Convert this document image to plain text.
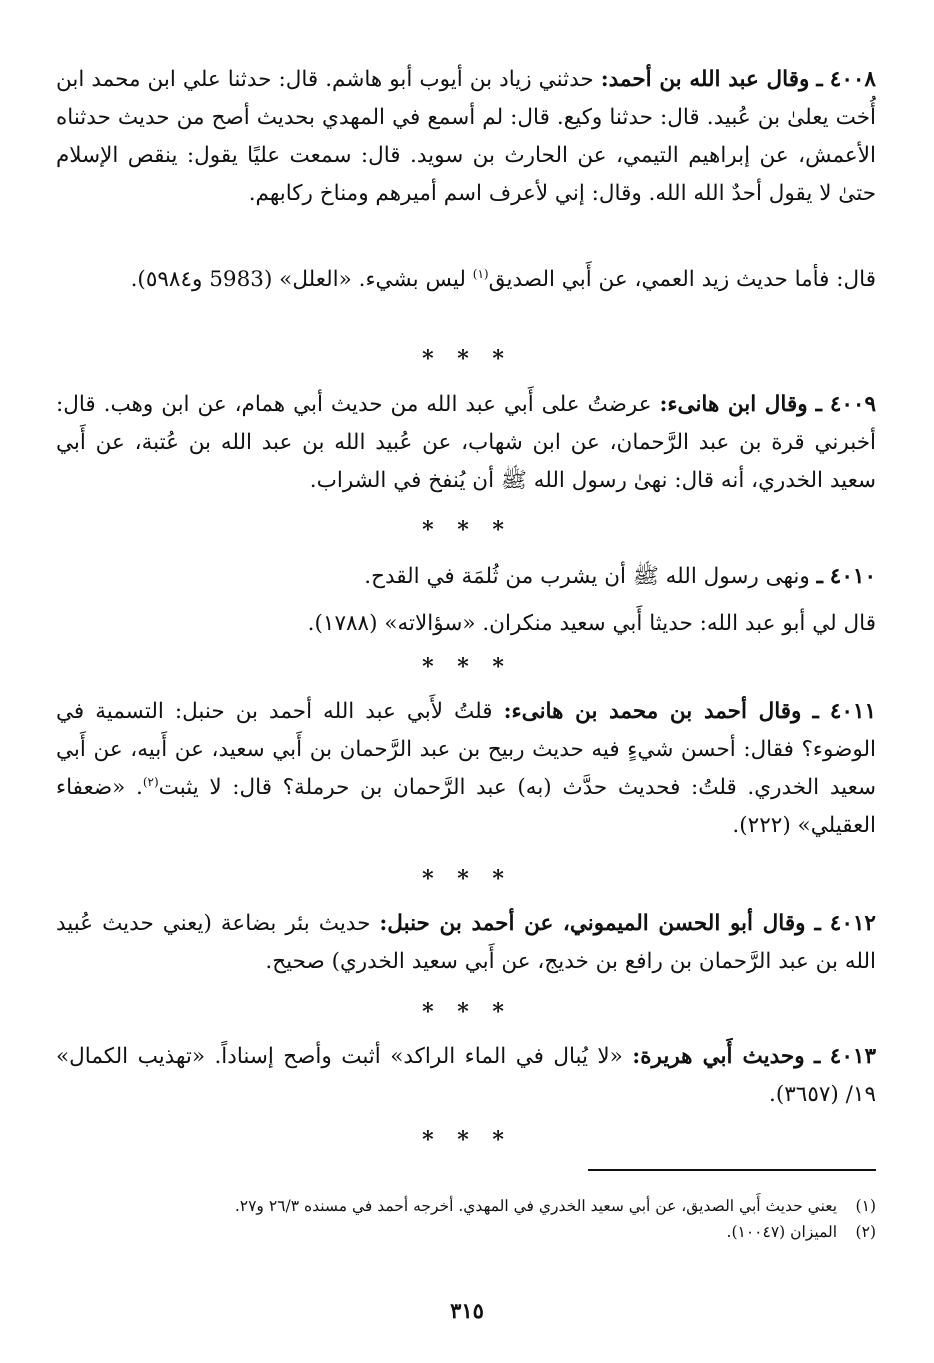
٤٠٠٨ ـ وقال عبد الله بن أحمد: حدثني زياد بن أيوب أبو هاشم. قال: حدثنا علي ابن محمد ابن أُخت يعلىٰ بن عُبيد. قال: حدثنا وكيع. قال: لم أسمع في المهدي بحديث أصح من حديث حدثناه الأعمش، عن إبراهيم التيمي، عن الحارث بن سويد. قال: سمعت عليًا يقول: ينقص الإسلام حتىٰ لا يقول أحدٌ الله الله. وقال: إني لأعرف اسم أميرهم ومناخ ركابهم.

قال: فأما حديث زيد العمي، عن أَبي الصديق$^{(١)}$ ليس بشيء. «العلل» (5983 و٥٩٨٤).

* * *

٤٠٠٩ ـ وقال ابن هانىء: عرضتُ على أَبي عبد الله من حديث أبي همام، عن ابن وهب. قال: أخبرني قرة بن عبد الرَّحمان، عن ابن شهاب، عن عُبيد الله بن عبد الله بن عُتبة، عن أَبي سعيد الخدري، أنه قال: نهىٰ رسول الله ﷺ أن يُنفخ في الشراب.

* * *

٤٠١٠ ـ ونهى رسول الله ﷺ أن يشرب من ثُلمَة في القدح.

قال لي أبو عبد الله: حديثا أَبي سعيد منكران. «سؤالاته» (١٧٨٨).

* * *

٤٠١١ ـ وقال أحمد بن محمد بن هانىء: قلتُ لأَبي عبد الله أحمد بن حنبل: التسمية في الوضوء؟ فقال: أحسن شيءٍ فيه حديث ربيح بن عبد الرَّحمان بن أَبي سعيد، عن أَبيه، عن أَبي سعيد الخدري. قلتُ: فحديث حدَّث (به) عبد الرَّحمان بن حرملة؟ قال: لا يثبت$^{(٢)}$. «ضعفاء العقيلي» (٢٢٢).

* * *

٤٠١٢ ـ وقال أبو الحسن الميموني، عن أحمد بن حنبل: حديث بئر بضاعة (يعني حديث عُبيد الله بن عبد الرَّحمان بن رافع بن خديج، عن أَبي سعيد الخدري) صحيح.

* * *

٤٠١٣ ـ وحديث أَبي هريرة: «لا يُبال في الماء الراكد» أثبت وأصح إسناداً. «تهذيب الكمال» ١٩/ (٣٦٥٧).

* * *
(١) يعني حديث أَبي الصديق، عن أبي سعيد الخدري في المهدي. أخرجه أحمد في مسنده ٢٦/٣ و٢٧.
(٢) الميزان (١٠٠٤٧).
٣١٥
